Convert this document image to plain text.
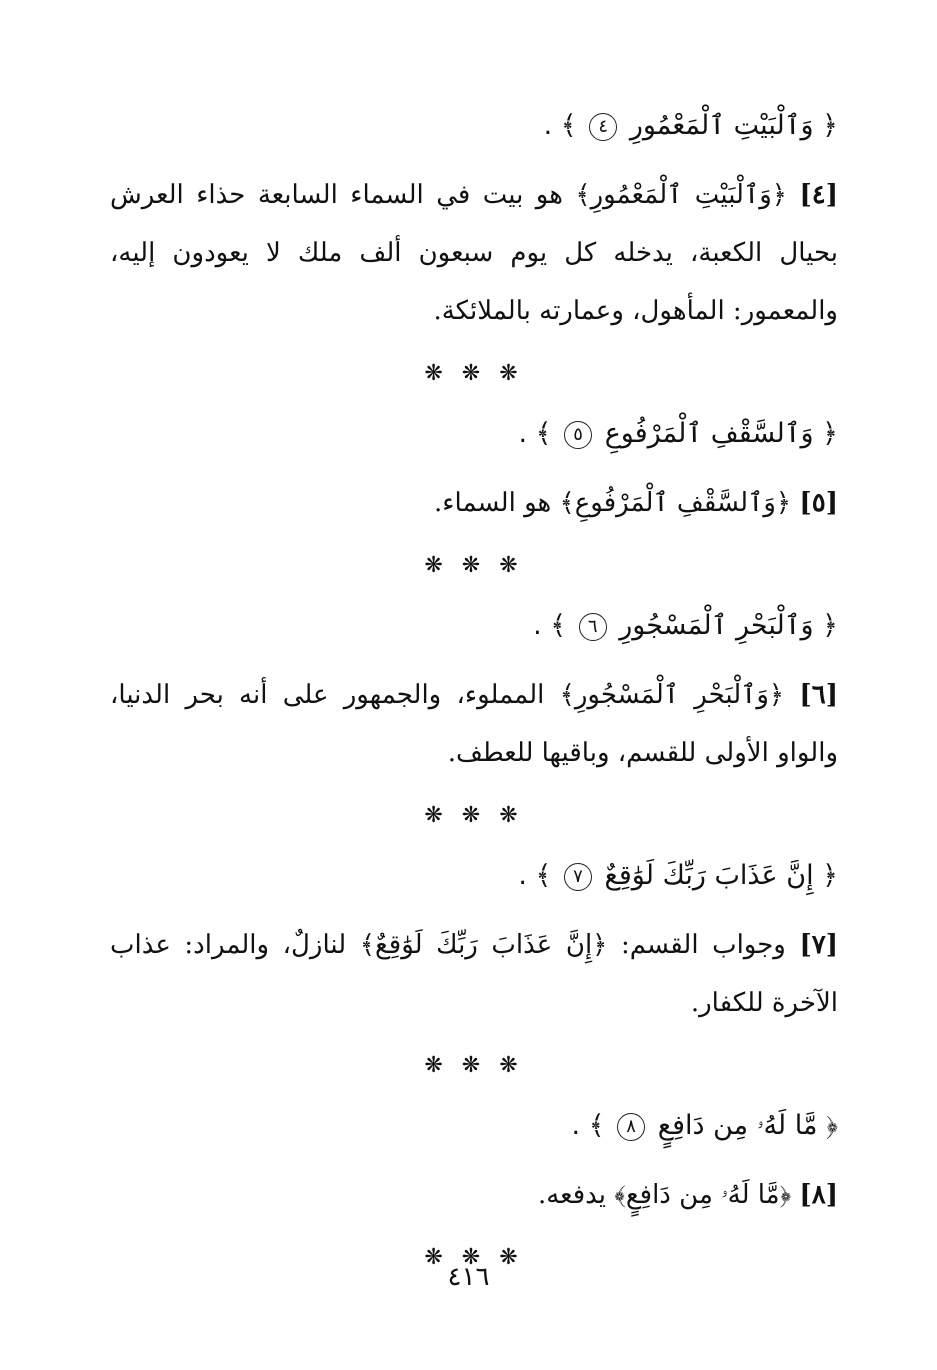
﴿ وَٱلْبَيْتِ ٱلْمَعْمُورِ ٤ ﴾ .

[٤] ﴿وَٱلْبَيْتِ ٱلْمَعْمُورِ﴾ هو بيت في السماء السابعة حذاء العرش بحيال الكعبة، يدخله كل يوم سبعون ألف ملك لا يعودون إليه، والمعمور: المأهول، وعمارته بالملائكة.

❋ ❋ ❋
﴿ وَٱلسَّقْفِ ٱلْمَرْفُوعِ ٥ ﴾ .

[٥] ﴿وَٱلسَّقْفِ ٱلْمَرْفُوعِ﴾ هو السماء.

❋ ❋ ❋
﴿ وَٱلْبَحْرِ ٱلْمَسْجُورِ ٦ ﴾ .

[٦] ﴿وَٱلْبَحْرِ ٱلْمَسْجُورِ﴾ المملوء، والجمهور على أنه بحر الدنيا، والواو الأولى للقسم، وباقيها للعطف.

❋ ❋ ❋
﴿ إِنَّ عَذَابَ رَبِّكَ لَوَٰقِعٌ ٧ ﴾ .

[٧] وجواب القسم: ﴿إِنَّ عَذَابَ رَبِّكَ لَوَٰقِعٌ﴾ لنازلٌ، والمراد: عذاب الآخرة للكفار.

❋ ❋ ❋
﴿ مَّا لَهُۥ مِن دَافِعٍ ٨ ﴾ .

[٨] ﴿مَّا لَهُۥ مِن دَافِعٍ﴾ يدفعه.

❋ ❋ ❋
٤١٦
